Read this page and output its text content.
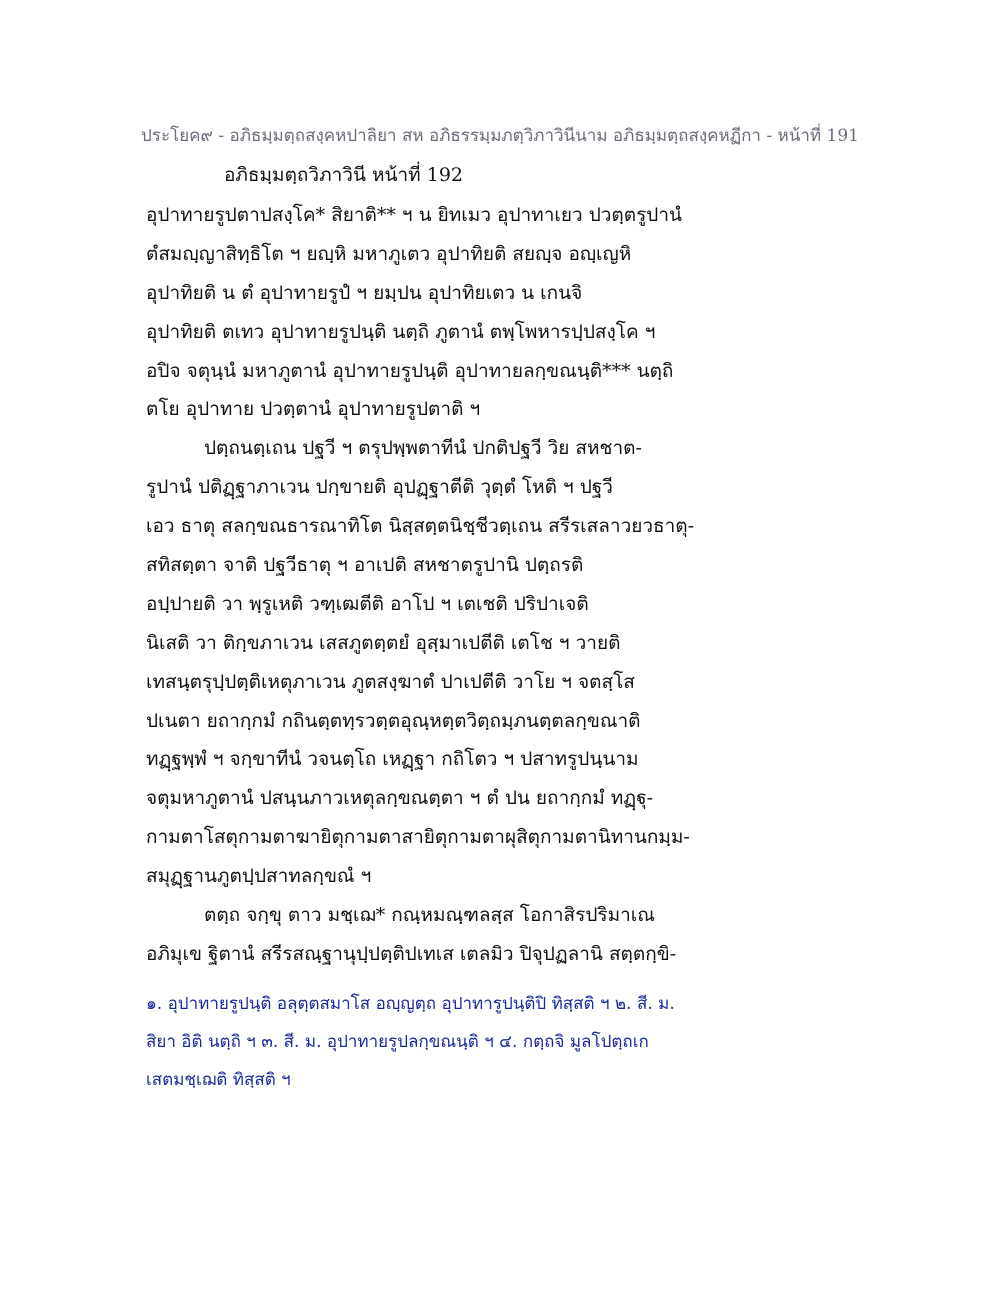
ประโยค๙ - อภิธมฺมตฺถสงฺคหปาลิยา สห อภิธรรมฺมภตฺวิภาวินีนาม อภิธมฺมตฺถสงฺคหฏีกา - หน้าที่ 191
อภิธมฺมตฺถวิภาวินี หน้าที่ 192
อุปาทายรูปตาปสงฺโค* สิยาติ** ฯ น ยิทเมว อุปาทาเยว ปวตฺตรูปานํ
ตํสมญฺญาสิทฺธิโต ฯ ยญฺหิ มหาภูเตว อุปาทิยติ สยญฺจ อญฺเญหิ
อุปาทิยติ น ตํ อุปาทายรูปํ ฯ ยมฺปน อุปาทิยเตว น เกนจิ
อุปาทิยติ ตเทว อุปาทายรูปนฺติ นตฺถิ ภูตานํ ตพฺโพหารปฺปสงฺโค ฯ
อปิจ จตุนฺนํ มหาภูตานํ อุปาทายรูปนฺติ อุปาทายลกฺขณนฺติ*** นตฺถิ
ตโย อุปาทาย ปวตฺตานํ อุปาทายรูปตาติ ฯ
ปตฺถนตฺเถน ปฐวี ฯ ตรุปพฺพตาทีนํ ปกติปฐวี วิย สหชาต-
รูปานํ ปติฏฺฐาภาเวน ปกฺขายติ อุปฏฺฐาตีติ วุตฺตํ โหติ ฯ ปฐวี
เอว ธาตุ สลกฺขณธารณาทิโต นิสฺสตฺตนิชฺชีวตฺเถน สรีรเสลาวยวธาตุ-
สทิสตฺตา จาติ ปฐวีธาตุ ฯ อาเปติ สหชาตรูปานิ ปตฺถรติ
อปฺปายติ วา พฺรูเหติ วฑฺเฒตีติ อาโป ฯ เตเชติ ปริปาเจติ
นิเสติ วา ติกฺขภาเวน เสสภูตตฺตยํ อุสฺมาเปตีติ เตโช ฯ วายติ
เทสนฺตรุปฺปตฺติเหตุภาเวน ภูตสงฺฆาตํ ปาเปตีติ วาโย ฯ จตสฺโส
ปเนตา ยถากฺกมํ กถินตฺตทฺรวตฺตอุณฺหตฺตวิตฺถมฺภนตฺตลกฺขณาติ
ทฏฺฐพฺพํ ฯ จกฺขาทีนํ วจนตฺโถ เหฏฺฐา กถิโตว ฯ ปสาทรูปนฺนาม
จตุมหาภูตานํ ปสนฺนภาวเหตุลกฺขณตฺตา ฯ ตํ ปน ยถากฺกมํ ทฏฺฐุ-
กามตาโสตุกามตาฆายิตุกามตาสายิตุกามตาผุสิตุกามตานิทานกมฺม-
สมุฏฺฐานภูตปฺปสาทลกฺขณํ ฯ
ตตฺถ จกฺขุ ตาว มชฺเฌ* กณฺหมณฺฑลสฺส โอกาสิรปริมาเณ
อภิมุเข ฐิตานํ สรีรสณฺฐานุปฺปตฺติปเทเส เตลมิว ปิจุปฏลานิ สตฺตกฺขิ-
๑. อุปาทายรูปนฺติ อลุตฺตสมาโส อญฺญตฺถ อุปาทารูปนฺติปิ ทิสฺสติ ฯ ๒. สี. ม.
สิยา อิติ นตฺถิ ฯ ๓. สี. ม. อุปาทายรูปลกฺขณนฺติ ฯ ๔. กตฺถจิ มูลโปตฺถเก
เสตมชฺเฌติ ทิสฺสติ ฯ
